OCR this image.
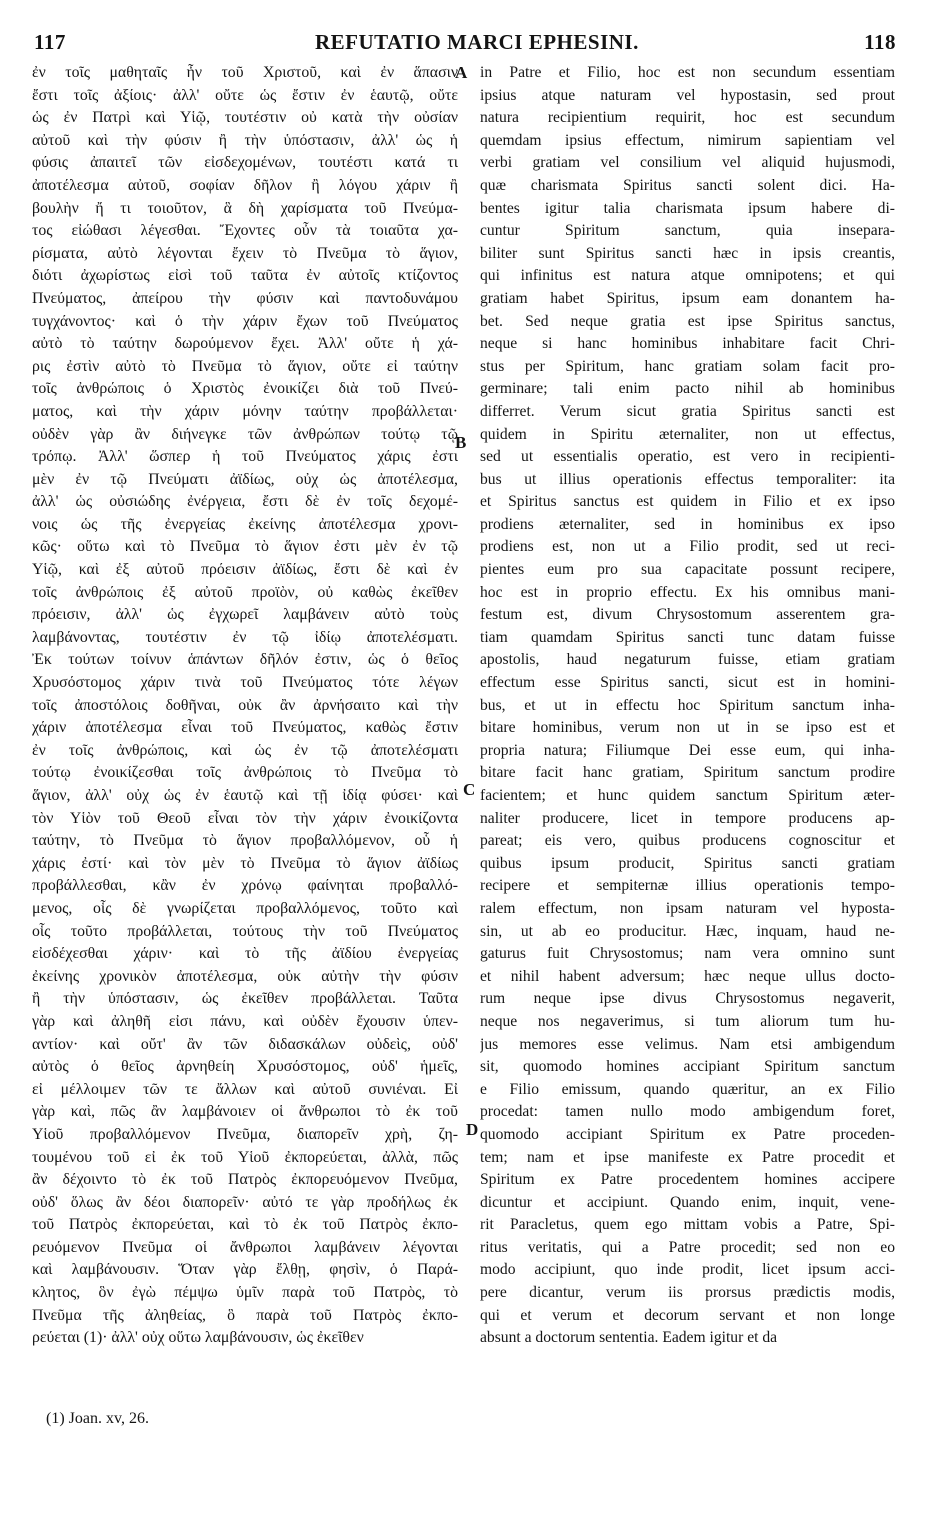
117	REFUTATIO MARCI EPHESINI.	118
ἐν τοῖς μαθηταῖς ἦν τοῦ Χριστοῦ, καὶ ἐν ἅπασιν
ἔστι τοῖς ἀξίοις· ἀλλ' οὔτε ὡς ἔστιν ἐν ἑαυτῷ, οὔτε
ὡς ἐν Πατρὶ καὶ Υἱῷ, τουτέστιν οὐ κατὰ τὴν οὐσίαν
αὐτοῦ καὶ τὴν φύσιν ἢ τὴν ὑπόστασιν, ἀλλ' ὡς ἡ
φύσις ἀπαιτεῖ τῶν εἰσδεχομένων, τουτέστι κατά τι
ἀποτέλεσμα αὐτοῦ, σοφίαν δῆλον ἢ λόγου χάριν ἢ
βουλὴν ἤ τι τοιοῦτον, ἃ δὴ χαρίσματα τοῦ Πνεύμα-
τος εἰώθασι λέγεσθαι. Ἔχοντες οὖν τὰ τοιαῦτα χα-
ρίσματα, αὐτὸ λέγονται ἔχειν τὸ Πνεῦμα τὸ ἅγιον,
διότι ἀχωρίστως εἰσὶ τοῦ ταῦτα ἐν αὐτοῖς κτίζοντος
Πνεύματος, ἀπείρου τὴν φύσιν καὶ παντοδυνάμου
τυγχάνοντος· καὶ ὁ τὴν χάριν ἔχων τοῦ Πνεύματος
αὐτὸ τὸ ταύτην δωρούμενον ἔχει. Ἀλλ' οὔτε ἡ χά-
ρις ἐστὶν αὐτὸ τὸ Πνεῦμα τὸ ἅγιον, οὔτε εἰ ταύτην
τοῖς ἀνθρώποις ὁ Χριστὸς ἐνοικίζει διὰ τοῦ Πνεύ-
ματος, καὶ τὴν χάριν μόνην ταύτην προβάλλεται·
οὐδὲν γὰρ ἂν διήνεγκε τῶν ἀνθρώπων τούτῳ τῷ
τρόπῳ. Ἀλλ' ὥσπερ ἡ τοῦ Πνεύματος χάρις ἐστι
μὲν ἐν τῷ Πνεύματι ἀϊδίως, οὐχ ὡς ἀποτέλεσμα,
ἀλλ' ὡς οὐσιώδης ἐνέργεια, ἔστι δὲ ἐν τοῖς δεχομέ-
νοις ὡς τῆς ἐνεργείας ἐκείνης ἀποτέλεσμα χρονι-
κῶς· οὕτω καὶ τὸ Πνεῦμα τὸ ἅγιον ἐστι μὲν ἐν τῷ
Υἱῷ, καὶ ἐξ αὐτοῦ πρόεισιν ἀϊδίως, ἔστι δὲ καὶ ἐν
τοῖς ἀνθρώποις ἐξ αὐτοῦ προϊὸν, οὐ καθὼς ἐκεῖθεν
πρόεισιν, ἀλλ' ὡς ἐγχωρεῖ λαμβάνειν αὐτὸ τοὺς
λαμβάνοντας, τουτέστιν ἐν τῷ ἰδίῳ ἀποτελέσματι.
Ἐκ τούτων τοίνυν ἁπάντων δῆλόν ἐστιν, ὡς ὁ θεῖος
Χρυσόστομος χάριν τινὰ τοῦ Πνεύματος τότε λέγων
τοῖς ἀποστόλοις δοθῆναι, οὐκ ἂν ἀρνήσαιτο καὶ τὴν
χάριν ἀποτέλεσμα εἶναι τοῦ Πνεύματος, καθὼς ἔστιν
ἐν τοῖς ἀνθρώποις, καὶ ὡς ἐν τῷ ἀποτελέσματι
τούτῳ ἐνοικίζεσθαι τοῖς ἀνθρώποις τὸ Πνεῦμα τὸ
ἅγιον, ἀλλ' οὐχ ὡς ἐν ἑαυτῷ καὶ τῇ ἰδίᾳ φύσει· καὶ
τὸν Υἱὸν τοῦ Θεοῦ εἶναι τὸν τὴν χάριν ἐνοικίζοντα
ταύτην, τὸ Πνεῦμα τὸ ἅγιον προβαλλόμενον, οὗ ἡ
χάρις ἐστί· καὶ τὸν μὲν τὸ Πνεῦμα τὸ ἅγιον ἀϊδίως
προβάλλεσθαι, κἂν ἐν χρόνῳ φαίνηται προβαλλό-
μενος, οἷς δὲ γνωρίζεται προβαλλόμενος, τοῦτο καὶ
οἷς τοῦτο προβάλλεται, τούτους τὴν τοῦ Πνεύματος
εἰσδέχεσθαι χάριν· καὶ τὸ τῆς ἀϊδίου ἐνεργείας
ἐκείνης χρονικὸν ἀποτέλεσμα, οὐκ αὐτὴν τὴν φύσιν
ἢ τὴν ὑπόστασιν, ὡς ἐκεῖθεν προβάλλεται. Ταῦτα
γὰρ καὶ ἀληθῆ εἰσι πάνυ, καὶ οὐδὲν ἔχουσιν ὑπεν-
αντίον· καὶ οὔτ' ἂν τῶν διδασκάλων οὐδεὶς, οὐδ'
αὐτὸς ὁ θεῖος ἀρνηθείη Χρυσόστομος, οὐδ' ἡμεῖς,
εἰ μέλλοιμεν τῶν τε ἄλλων καὶ αὐτοῦ συνιέναι. Εἰ
γὰρ καὶ, πῶς ἂν λαμβάνοιεν οἱ ἄνθρωποι τὸ ἐκ τοῦ
Υἱοῦ προβαλλόμενον Πνεῦμα, διαπορεῖν χρὴ, ζη-
τουμένου τοῦ εἰ ἐκ τοῦ Υἱοῦ ἐκπορεύεται, ἀλλὰ, πῶς
ἂν δέχοιντο τὸ ἐκ τοῦ Πατρὸς ἐκπορευόμενον Πνεῦμα,
οὐδ' ὅλως ἂν δέοι διαπορεῖν· αὐτό τε γὰρ προδήλως ἐκ
τοῦ Πατρὸς ἐκπορεύεται, καὶ τὸ ἐκ τοῦ Πατρὸς ἐκπο-
ρευόμενον Πνεῦμα οἱ ἄνθρωποι λαμβάνειν λέγονται
καὶ λαμβάνουσιν. Ὅταν γὰρ ἔλθῃ, φησὶν, ὁ Παρά-
κλητος, ὃν ἐγὼ πέμψω ὑμῖν παρὰ τοῦ Πατρὸς, τὸ
Πνεῦμα τῆς ἀληθείας, ὃ παρὰ τοῦ Πατρὸς ἐκπο-
ρεύεται (1)· ἀλλ' οὐχ οὕτω λαμβάνουσιν, ὡς ἐκεῖθεν
in Patre et Filio, hoc est non secundum essentiam
ipsius atque naturam vel hypostasin, sed prout
natura recipientium requirit, hoc est secundum
quemdam ipsius effectum, nimirum sapientiam vel
verbi gratiam vel consilium vel aliquid hujusmodi,
quæ charismata Spiritus sancti solent dici. Ha-
bentes igitur talia charismata ipsum habere di-
cuntur Spiritum sanctum, quia insepara-
biliter sunt Spiritus sancti hæc in ipsis creantis,
qui infinitus est natura atque omnipotens; et qui
gratiam habet Spiritus, ipsum eam donantem ha-
bet. Sed neque gratia est ipse Spiritus sanctus,
neque si hanc hominibus inhabitare facit Chri-
stus per Spiritum, hanc gratiam solam facit pro-
germinare; tali enim pacto nihil ab hominibus
differret. Verum sicut gratia Spiritus sancti est
quidem in Spiritu æternaliter, non ut effectus,
sed ut essentialis operatio, est vero in recipienti-
bus ut illius operationis effectus temporaliter: ita
et Spiritus sanctus est quidem in Filio et ex ipso
prodiens æternaliter, sed in hominibus ex ipso
prodiens est, non ut a Filio prodit, sed ut reci-
pientes eum pro sua capacitate possunt recipere,
hoc est in proprio effectu. Ex his omnibus mani-
festum est, divum Chrysostomum asserentem gra-
tiam quamdam Spiritus sancti tunc datam fuisse
apostolis, haud negaturum fuisse, etiam gratiam
effectum esse Spiritus sancti, sicut est in homini-
bus, et ut in effectu hoc Spiritum sanctum inha-
bitare hominibus, verum non ut in se ipso est et
propria natura; Filiumque Dei esse eum, qui inha-
bitare facit hanc gratiam, Spiritum sanctum prodire
facientem; et hunc quidem sanctum Spiritum æter-
naliter producere, licet in tempore producens ap-
pareat; eis vero, quibus producens cognoscitur et
quibus ipsum producit, Spiritus sancti gratiam
recipere et sempiternæ illius operationis tempo-
ralem effectum, non ipsam naturam vel hyposta-
sin, ut ab eo producitur. Hæc, inquam, haud ne-
gaturus fuit Chrysostomus; nam vera omnino sunt
et nihil habent adversum; hæc neque ullus docto-
rum neque ipse divus Chrysostomus negaverit,
neque nos negaverimus, si tum aliorum tum hu-
jus memores esse velimus. Nam etsi ambigendum
sit, quomodo homines accipiant Spiritum sanctum
e Filio emissum, quando quæritur, an ex Filio
procedat: tamen nullo modo ambigendum foret,
quomodo accipiant Spiritum ex Patre proceden-
tem; nam et ipse manifeste ex Patre procedit et
Spiritum ex Patre procedentem homines accipere
dicuntur et accipiunt. Quando enim, inquit, vene-
rit Paracletus, quem ego mittam vobis a Patre, Spi-
ritus veritatis, qui a Patre procedit; sed non eo
modo accipiunt, quo inde prodit, licet ipsum acci-
pere dicantur, verum iis prorsus prædictis modis,
qui et verum et decorum servant et non longe
absunt a doctorum sententia. Eadem igitur et da
A
B
C
D
(1) Joan. xv, 26.
